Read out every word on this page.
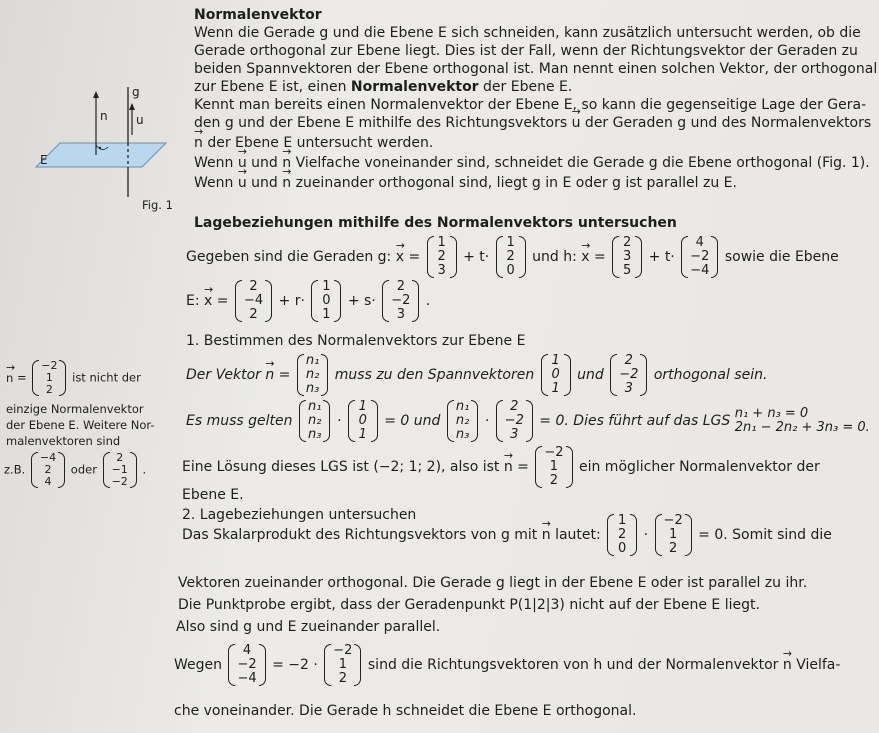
g
n u
E
Fig. 1
Normalenvektor
Wenn die Gerade g und die Ebene E sich schneiden, kann zusätzlich untersucht werden, ob die
Gerade orthogonal zur Ebene liegt. Dies ist der Fall, wenn der Richtungsvektor der Geraden zu
beiden Spannvektoren der Ebene orthogonal ist. Man nennt einen solchen Vektor, der orthogonal
zur Ebene E ist, einen Normalenvektor der Ebene E.
Kennt man bereits einen Normalenvektor der Ebene E, so kann die gegenseitige Lage der Gera-
den g und der Ebene E mithilfe des Richtungsvektors → u der Geraden g und des Normalenvektors
→ n der Ebene E untersucht werden.
Wenn → u und → n Vielfache voneinander sind, schneidet die Gerade g die Ebene orthogonal (Fig. 1).
Wenn → u und → n zueinander orthogonal sind, liegt g in E oder g ist parallel zu E.
Lagebeziehungen mithilfe des Normalenvektors untersuchen
Gegeben sind die Geraden g: → x =
1
2
3
+ t·
1
2
0
und h: → x =
2
3
5
+ t·
4
−2
−4
sowie die Ebene
E: → x =
2
−4
2
+ r·
1
0
1
+ s·
2
−2
3
.
1. Bestimmen des Normalenvektors zur Ebene E
Der Vektor → n =
n₁
n₂
n₃
muss zu den Spannvektoren
1
0
1
und
2
−2
3
orthogonal sein.
Es muss gelten
n₁
n₂
n₃
·
1
0
1
= 0 und
n₁
n₂
n₃
·
2
−2
3
= 0. Dies führt auf das LGS n₁ + n₃ = 0
2n₁ − 2n₂ + 3n₃ = 0.
Eine Lösung dieses LGS ist (−2; 1; 2), also ist → n =
−2
1
2
ein möglicher Normalenvektor der
Ebene E.
2. Lagebeziehungen untersuchen
Das Skalarprodukt des Richtungsvektors von g mit → n lautet:
1
2
0
·
−2
1
2
= 0. Somit sind die
Vektoren zueinander orthogonal. Die Gerade g liegt in der Ebene E oder ist parallel zu ihr.
Die Punktprobe ergibt, dass der Geradenpunkt P(1|2|3) nicht auf der Ebene E liegt.
Also sind g und E zueinander parallel.
Wegen
4
−2
−4
= −2 ·
−2
1
2
sind die Richtungsvektoren von h und der Normalenvektor → n Vielfa-
che voneinander. Die Gerade h schneidet die Ebene E orthogonal.
→ n =
−2
1
2
ist nicht der
einzige Normalenvektor
der Ebene E. Weitere Nor-
malenvektoren sind
z.B.
−4
2
4
oder
2
−1
−2
.
